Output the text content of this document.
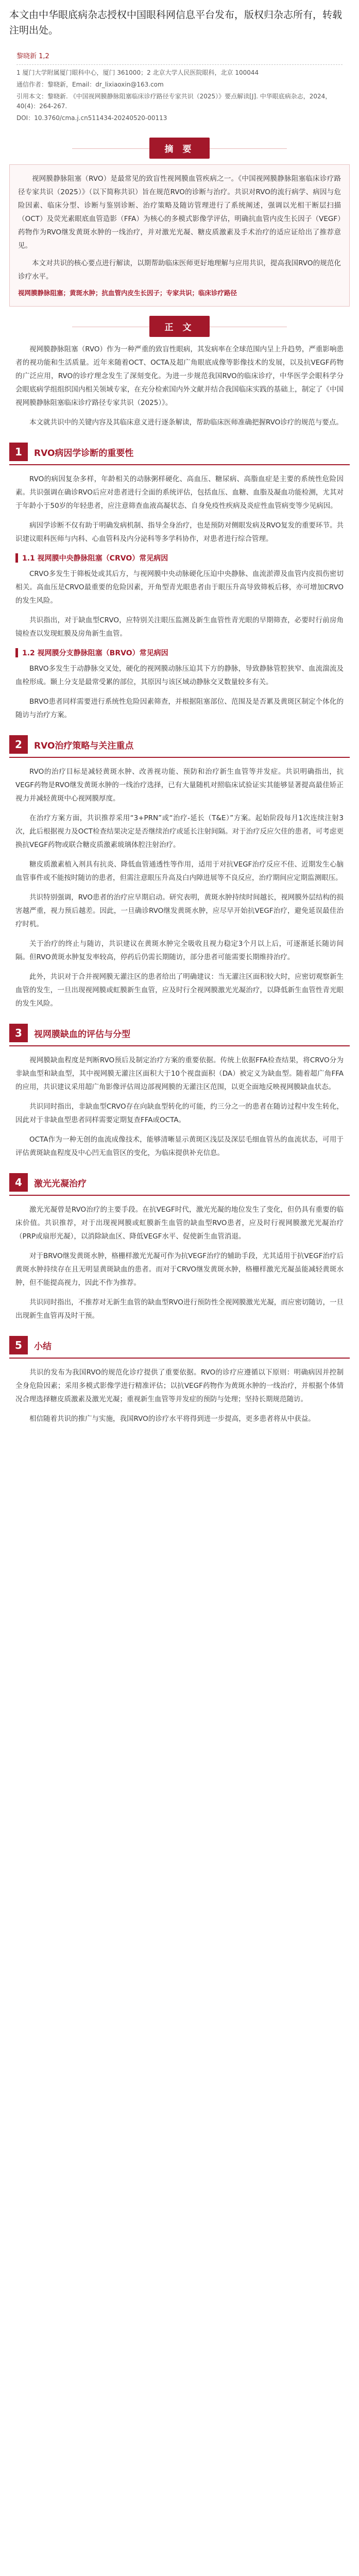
本文由中华眼底病杂志授权中国眼科网信息平台发布，版权归杂志所有，转载注明出处。
黎晓新 1,2
1 厦门大学附属厦门眼科中心，厦门 361000；2 北京大学人民医院眼科，北京 100044
通信作者：黎晓新，Email：dr_lixiaoxin@163.com
引用本文：黎晓新. 《中国视网膜静脉阻塞临床诊疗路径专家共识（2025）》要点解读[J]. 中华眼底病杂志，2024，40(4)：264-267.
DOI：10.3760/cma.j.cn511434-20240520-00113
摘 要

视网膜静脉阻塞（RVO）是最常见的致盲性视网膜血管疾病之一。《中国视网膜静脉阻塞临床诊疗路径专家共识（2025）》（以下简称共识）旨在规范RVO的诊断与治疗。共识对RVO的流行病学、病因与危险因素、临床分型、诊断与鉴别诊断、治疗策略及随访管理进行了系统阐述，强调以光相干断层扫描（OCT）及荧光素眼底血管造影（FFA）为核心的多模式影像学评估，明确抗血管内皮生长因子（VEGF）药物作为RVO继发黄斑水肿的一线治疗，并对激光光凝、糖皮质激素及手术治疗的适应证给出了推荐意见。

本文对共识的核心要点进行解读，以期帮助临床医师更好地理解与应用共识，提高我国RVO的规范化诊疗水平。

视网膜静脉阻塞；黄斑水肿；抗血管内皮生长因子；专家共识；临床诊疗路径
正 文

视网膜静脉阻塞（RVO）作为一种严重的致盲性眼病，其发病率在全球范围内呈上升趋势，严重影响患者的视功能和生活质量。近年来随着OCT、OCTA及超广角眼底成像等影像技术的发展，以及抗VEGF药物的广泛应用，RVO的诊疗理念发生了深刻变化。为进一步规范我国RVO的临床诊疗，中华医学会眼科学分会眼底病学组组织国内相关领域专家，在充分检索国内外文献并结合我国临床实践的基础上，制定了《中国视网膜静脉阻塞临床诊疗路径专家共识（2025）》。

本文就共识中的关键内容及其临床意义进行逐条解读，帮助临床医师准确把握RVO诊疗的规范与要点。

1	RVO病因学诊断的重要性

RVO的病因复杂多样，年龄相关的动脉粥样硬化、高血压、糖尿病、高脂血症是主要的系统性危险因素。共识强调在确诊RVO后应对患者进行全面的系统评估，包括血压、血糖、血脂及凝血功能检测，尤其对于年龄小于50岁的年轻患者，应注意筛查血液高凝状态、自身免疫性疾病及炎症性血管病变等少见病因。

病因学诊断不仅有助于明确发病机制、指导全身治疗，也是预防对侧眼发病及RVO复发的重要环节。共识建议眼科医师与内科、心血管科及内分泌科等多学科协作，对患者进行综合管理。

1.1 视网膜中央静脉阻塞（CRVO）常见病因

CRVO多发生于筛板处或其后方，与视网膜中央动脉硬化压迫中央静脉、血流淤滞及血管内皮损伤密切相关。高血压是CRVO最重要的危险因素，开角型青光眼患者由于眼压升高导致筛板后移，亦可增加CRVO的发生风险。

共识指出，对于缺血型CRVO，应特别关注眼压监测及新生血管性青光眼的早期筛查，必要时行前房角镜检查以发现虹膜及房角新生血管。

1.2 视网膜分支静脉阻塞（BRVO）常见病因

BRVO多发生于动静脉交叉处，硬化的视网膜动脉压迫其下方的静脉，导致静脉管腔狭窄、血流湍流及血栓形成。颞上分支是最常受累的部位，其原因与该区域动静脉交叉数量较多有关。

BRVO患者同样需要进行系统性危险因素筛查，并根据阻塞部位、范围及是否累及黄斑区制定个体化的随访与治疗方案。

2	RVO治疗策略与关注重点

RVO的治疗目标是减轻黄斑水肿、改善视功能、预防和治疗新生血管等并发症。共识明确指出，抗VEGF药物是RVO继发黄斑水肿的一线治疗选择，已有大量随机对照临床试验证实其能够显著提高最佳矫正视力并减轻黄斑中心视网膜厚度。

在治疗方案方面，共识推荐采用“3+PRN”或“治疗-延长（T&E）”方案。起始阶段每月1次连续注射3次，此后根据视力及OCT检查结果决定是否继续治疗或延长注射间隔。对于治疗反应欠佳的患者，可考虑更换抗VEGF药物或联合糖皮质激素玻璃体腔注射治疗。

糖皮质激素植入剂具有抗炎、降低血管通透性等作用，适用于对抗VEGF治疗反应不佳、近期发生心脑血管事件或不能按时随访的患者，但需注意眼压升高及白内障进展等不良反应，治疗期间应定期监测眼压。

共识特别强调，RVO患者的治疗应早期启动。研究表明，黄斑水肿持续时间越长，视网膜外层结构的损害越严重，视力预后越差。因此，一旦确诊RVO继发黄斑水肿，应尽早开始抗VEGF治疗，避免延误最佳治疗时机。

关于治疗的终止与随访，共识建议在黄斑水肿完全吸收且视力稳定3个月以上后，可逐渐延长随访间隔。但RVO黄斑水肿复发率较高，停药后仍需长期随访，部分患者可能需要长期维持治疗。

此外，共识对于合并视网膜无灌注区的患者给出了明确建议：当无灌注区面积较大时，应密切观察新生血管的发生，一旦出现视网膜或虹膜新生血管，应及时行全视网膜激光光凝治疗，以降低新生血管性青光眼的发生风险。

3	视网膜缺血的评估与分型

视网膜缺血程度是判断RVO预后及制定治疗方案的重要依据。传统上依据FFA检查结果，将CRVO分为非缺血型和缺血型，其中视网膜无灌注区面积大于10个视盘面积（DA）被定义为缺血型。随着超广角FFA的应用，共识建议采用超广角影像评估周边部视网膜的无灌注区范围，以更全面地反映视网膜缺血状态。

共识同时指出，非缺血型CRVO存在向缺血型转化的可能，约三分之一的患者在随访过程中发生转化，因此对于非缺血型患者同样需要定期复查FFA或OCTA。

OCTA作为一种无创的血流成像技术，能够清晰显示黄斑区浅层及深层毛细血管丛的血流状态，可用于评估黄斑缺血程度及中心凹无血管区的变化，为临床提供补充信息。

4	激光光凝治疗

激光光凝曾是RVO治疗的主要手段。在抗VEGF时代，激光光凝的地位发生了变化，但仍具有重要的临床价值。共识推荐，对于出现视网膜或虹膜新生血管的缺血型RVO患者，应及时行视网膜激光光凝治疗（PRP或扇形光凝），以消除缺血区、降低VEGF水平、促使新生血管消退。

对于BRVO继发黄斑水肿，格栅样激光光凝可作为抗VEGF治疗的辅助手段，尤其适用于抗VEGF治疗后黄斑水肿持续存在且无明显黄斑缺血的患者。而对于CRVO继发黄斑水肿，格栅样激光光凝虽能减轻黄斑水肿，但不能提高视力，因此不作为推荐。

共识同时指出，不推荐对无新生血管的缺血型RVO进行预防性全视网膜激光光凝，而应密切随访，一旦出现新生血管再及时干预。

5	小结

共识的发布为我国RVO的规范化诊疗提供了重要依据。RVO的诊疗应遵循以下原则：明确病因并控制全身危险因素；采用多模式影像学进行精准评估；以抗VEGF药物作为黄斑水肿的一线治疗，并根据个体情况合理选择糖皮质激素及激光光凝；重视新生血管等并发症的预防与处理；坚持长期规范随访。

相信随着共识的推广与实施，我国RVO的诊疗水平将得到进一步提高，更多患者将从中获益。
